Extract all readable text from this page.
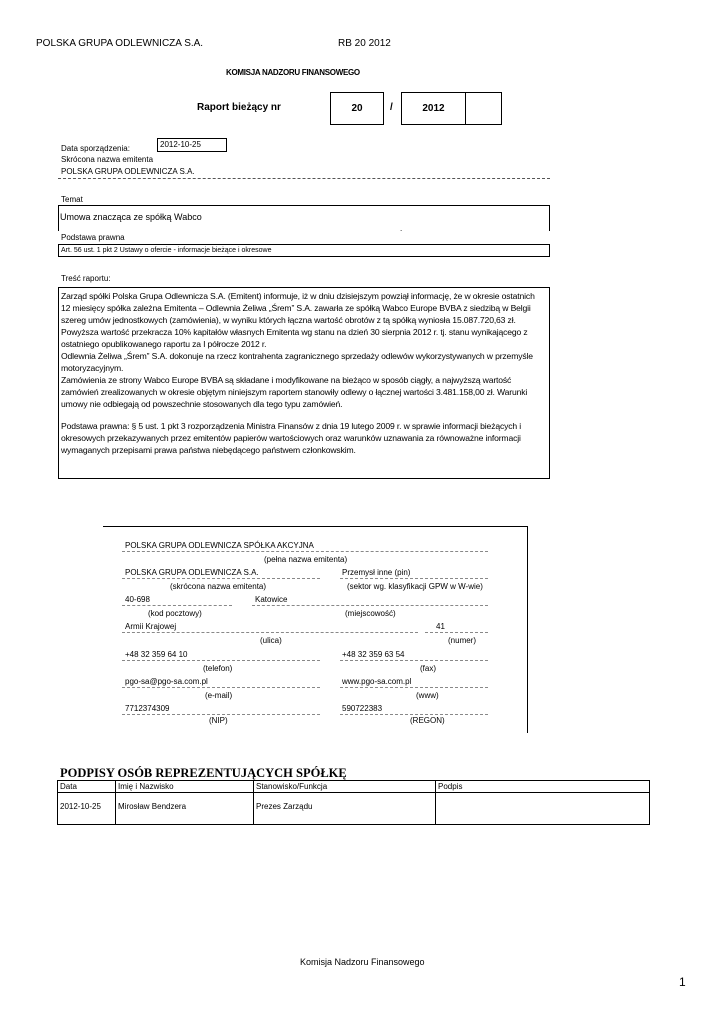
POLSKA GRUPA ODLEWNICZA S.A.	RB 20 2012
KOMISJA NADZORU FINANSOWEGO
Raport bieżący nr	20	/	2012
Data sporządzenia:	2012-10-25
Skrócona nazwa emitenta
POLSKA GRUPA ODLEWNICZA S.A.
Temat
Umowa znacząca ze spółką Wabco
.
Podstawa prawna
Art. 56 ust. 1 pkt 2 Ustawy o ofercie - informacje bieżące i okresowe
Treść raportu:

Zarząd spółki Polska Grupa Odlewnicza S.A. (Emitent) informuje, iż w dniu dzisiejszym powziął informację, że w okresie ostatnich 12 miesięcy spółka zależna Emitenta – Odlewnia Żeliwa „Śrem” S.A. zawarła ze spółką Wabco Europe BVBA z siedzibą w Belgii szereg umów jednostkowych (zamówienia), w wyniku których łączna wartość obrotów z tą spółką wyniosła 15.087.720,63 zł.

Powyższa wartość przekracza 10% kapitałów własnych Emitenta wg stanu na dzień 30 sierpnia 2012 r. tj. stanu wynikającego z ostatniego opublikowanego raportu za I półrocze 2012 r.

Odlewnia Żeliwa „Śrem” S.A. dokonuje na rzecz kontrahenta zagranicznego sprzedaży odlewów wykorzystywanych w przemyśle motoryzacyjnym.

Zamówienia ze strony Wabco Europe BVBA są składane i modyfikowane na bieżąco w sposób ciągły, a najwyższą wartość zamówień zrealizowanych w okresie objętym niniejszym raportem stanowiły odlewy o łącznej wartości 3.481.158,00 zł. Warunki umowy nie odbiegają od powszechnie stosowanych dla tego typu zamówień.

Podstawa prawna: § 5 ust. 1 pkt 3 rozporządzenia Ministra Finansów z dnia 19 lutego 2009 r. w sprawie informacji bieżących i okresowych przekazywanych przez emitentów papierów wartościowych oraz warunków uznawania za równoważne informacji wymaganych przepisami prawa państwa niebędącego państwem członkowskim.

POLSKA GRUPA ODLEWNICZA SPÓŁKA AKCYJNA
(pełna nazwa emitenta)
POLSKA GRUPA ODLEWNICZA S.A.	Przemysł inne (pin)
(skrócona nazwa emitenta)	(sektor wg. klasyfikacji GPW w W-wie)
40-698	Katowice
(kod pocztowy)	(miejscowość)
Armii Krajowej	41
(ulica)	(numer)
+48 32 359 64 10	+48 32 359 63 54
(telefon)	(fax)
pgo-sa@pgo-sa.com.pl	www.pgo-sa.com.pl
(e-mail)	(www)
7712374309	590722383
(NIP)	(REGON)
PODPISY OSÓB REPREZENTUJĄCYCH SPÓŁKĘ
Data	Imię i Nazwisko	Stanowisko/Funkcja	Podpis
2012-10-25	Mirosław Bendzera	Prezes Zarządu	
Komisja Nadzoru Finansowego
1
